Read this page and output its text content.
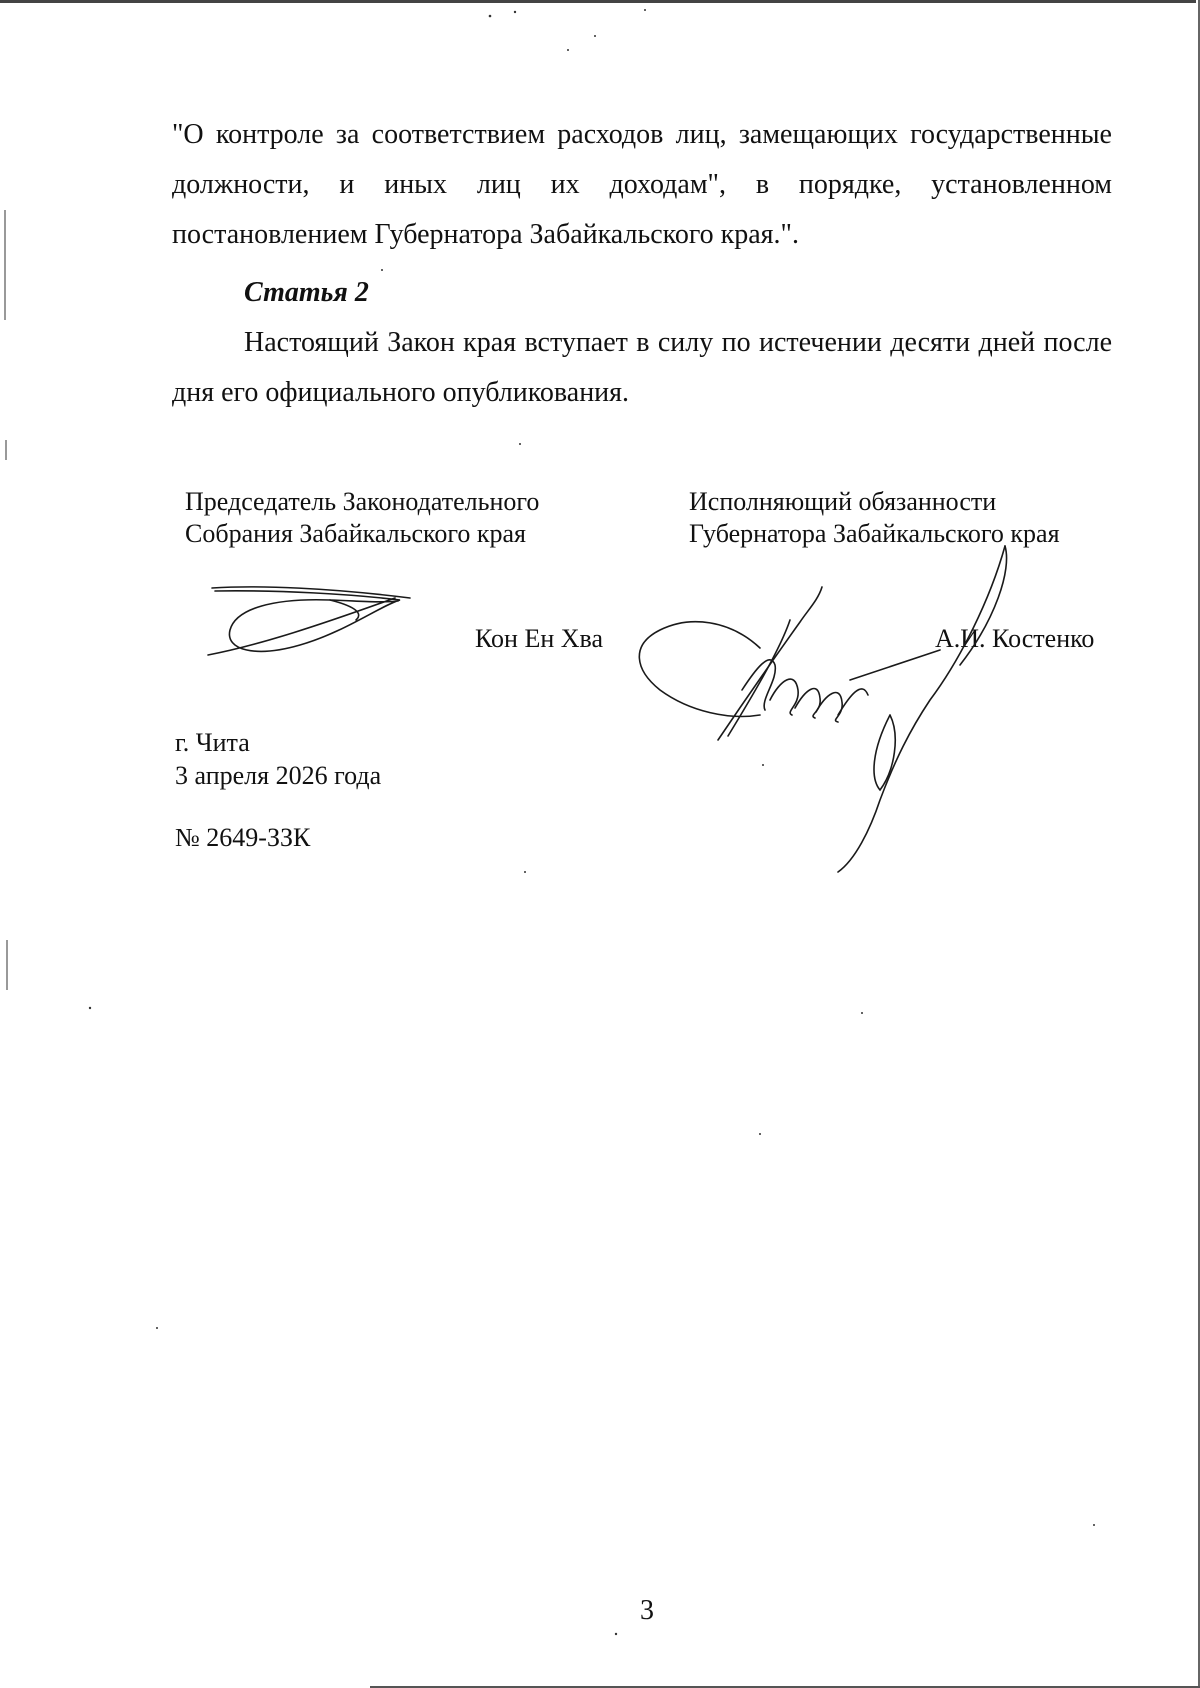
"О контроле за соответствием расходов лиц, замещающих государственные должности, и иных лиц их доходам", в порядке, установленном постановлением Губернатора Забайкальского края.".

Статья 2

Настоящий Закон края вступает в силу по истечении десяти дней после дня его официального опубликования.

Председатель Законодательного
Собрания Забайкальского края
Исполняющий обязанности
Губернатора Забайкальского края
Кон Ен Хва	А.И. Костенко
г. Чита
3 апреля 2026 года
№ 2649-ЗЗК
3
